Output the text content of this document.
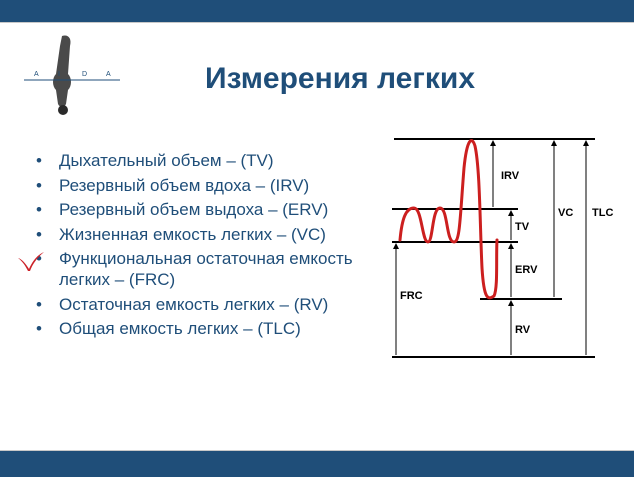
A	I	D	A	Измерения легких
• Дыхательный объем – (TV)
• Резервный объем вдоха – (IRV)
• Резервный объем выдоха – (ERV)
• Жизненная емкость легких – (VC)
• Функциональная остаточная емкость легких – (FRC)
• Остаточная емкость легких – (RV)
• Общая емкость легких – (TLC)
IRV
TV
ERV
RV
FRC
VC TLC
